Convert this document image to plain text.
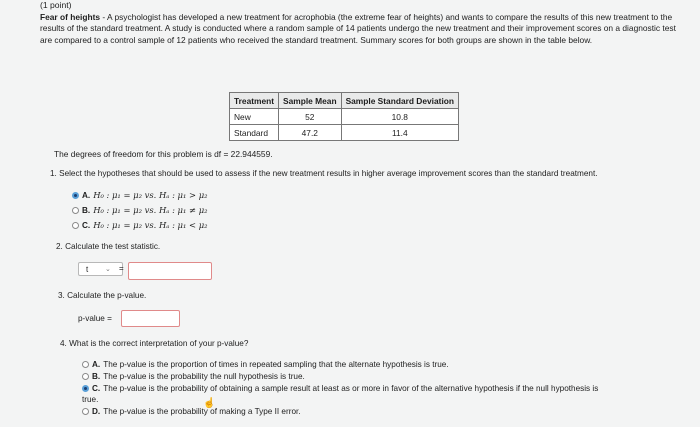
(1 point)
Fear of heights - A psychologist has developed a new treatment for acrophobia (the extreme fear of heights) and wants to compare the results of this new treatment to the results of the standard treatment. A study is conducted where a random sample of 14 patients undergo the new treatment and their improvement scores on a diagnostic test are compared to a control sample of 12 patients who received the standard treatment. Summary scores for both groups are shown in the table below.
Treatment	Sample Mean	Sample Standard Deviation
New	52	10.8
Standard	47.2	11.4
The degrees of freedom for this problem is df = 22.944559.
1. Select the hypotheses that should be used to assess if the new treatment results in higher average improvement scores than the standard treatment.
A. H₀ : μ₁ = μ₂ vs. Hₐ : μ₁ > μ₂
B. H₀ : μ₁ = μ₂ vs. Hₐ : μ₁ ≠ μ₂
C. H₀ : μ₁ = μ₂ vs. Hₐ : μ₁ < μ₂
2. Calculate the test statistic.
t ⌄ =
3. Calculate the p-value.
p-value =
4. What is the correct interpretation of your p-value?
A. The p-value is the proportion of times in repeated sampling that the alternate hypothesis is true.
B. The p-value is the probability the null hypothesis is true.
C. The p-value is the probability of obtaining a sample result at least as or more in favor of the alternative hypothesis if the null hypothesis is
true.
D. The p-value is the probability of making a Type II error.
☝
